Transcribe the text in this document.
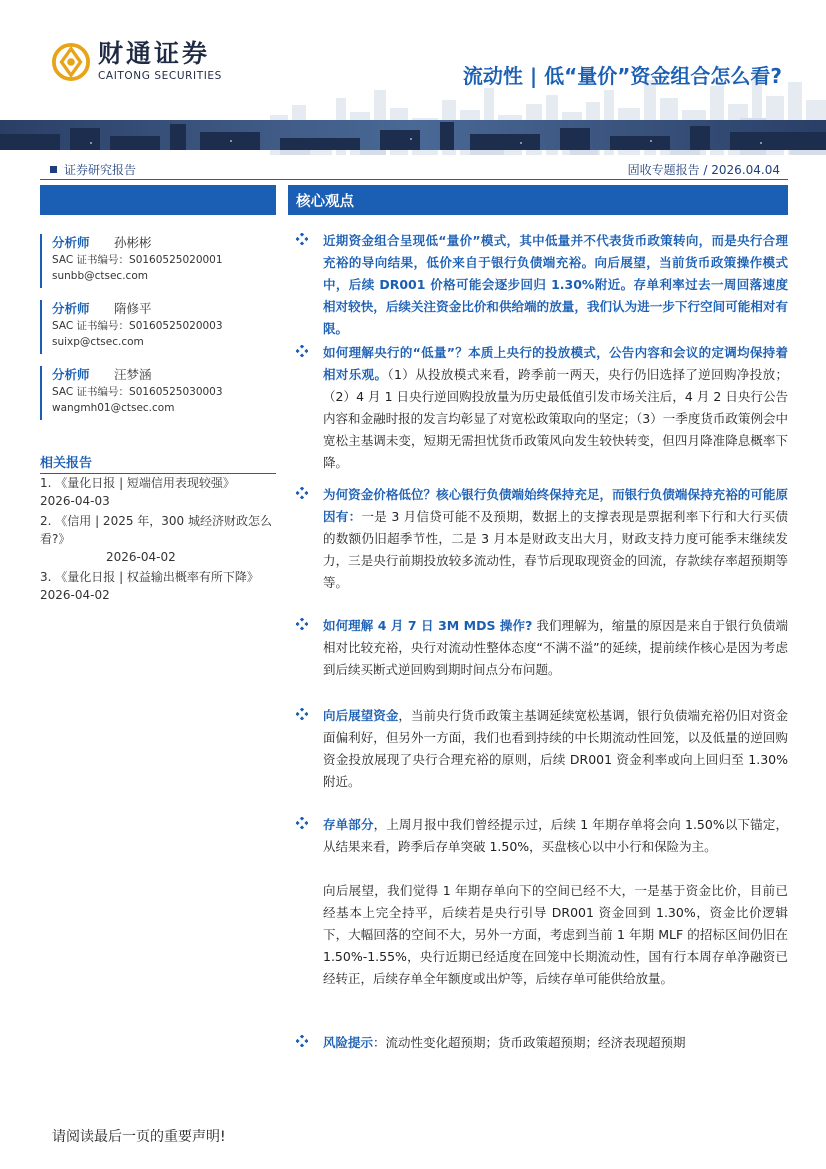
财通证券
CAITONG SECURITIES	流动性 | 低“量价”资金组合怎么看?
证券研究报告	固收专题报告 / 2026.04.04
分析师	孙彬彬
SAC 证书编号：S0160525020001
sunbb@ctsec.com
分析师	隋修平
SAC 证书编号：S0160525020003
suixp@ctsec.com
分析师	汪梦涵
SAC 证书编号：S0160525030003
wangmh01@ctsec.com
相关报告
1. 《量化日报 | 短端信用表现较强》
2026-04-03
2. 《信用 | 2025 年，300 城经济财政怎么看?》
2026-04-02
3. 《量化日报 | 权益输出概率有所下降》
2026-04-02
请阅读最后一页的重要声明!
核心观点
近期资金组合呈现低“量价”模式，其中低量并不代表货币政策转向，而是央行合理充裕的导向结果，低价来自于银行负债端充裕。向后展望，当前货币政策操作模式中，后续 DR001 价格可能会逐步回归 1.30%附近。存单利率过去一周回落速度相对较快，后续关注资金比价和供给端的放量，我们认为进一步下行空间可能相对有限。
如何理解央行的“低量”？本质上央行的投放模式，公告内容和会议的定调均保持着相对乐观。（1）从投放模式来看，跨季前一两天，央行仍旧选择了逆回购净投放；（2）4 月 1 日央行逆回购投放量为历史最低值引发市场关注后，4 月 2 日央行公告内容和金融时报的发言均彰显了对宽松政策取向的坚定；（3）一季度货币政策例会中宽松主基调未变，短期无需担忧货币政策风向发生较快转变，但四月降准降息概率下降。
为何资金价格低位？核心银行负债端始终保持充足，而银行负债端保持充裕的可能原因有：一是 3 月信贷可能不及预期，数据上的支撑表现是票据利率下行和大行买债的数额仍旧超季节性，二是 3 月本是财政支出大月，财政支持力度可能季末继续发力，三是央行前期投放较多流动性，春节后现取现资金的回流，存款续存率超预期等等。
如何理解 4 月 7 日 3M MDS 操作? 我们理解为，缩量的原因是来自于银行负债端相对比较充裕，央行对流动性整体态度“不满不溢”的延续，提前续作核心是因为考虑到后续买断式逆回购到期时间点分布问题。
向后展望资金，当前央行货币政策主基调延续宽松基调，银行负债端充裕仍旧对资金面偏利好，但另外一方面，我们也看到持续的中长期流动性回笼，以及低量的逆回购资金投放展现了央行合理充裕的原则，后续 DR001 资金利率或向上回归至 1.30%附近。
存单部分，上周月报中我们曾经提示过，后续 1 年期存单将会向 1.50%以下锚定，从结果来看，跨季后存单突破 1.50%，买盘核心以中小行和保险为主。
向后展望，我们觉得 1 年期存单向下的空间已经不大，一是基于资金比价，目前已经基本上完全持平，后续若是央行引导 DR001 资金回到 1.30%，资金比价逻辑下，大幅回落的空间不大，另外一方面，考虑到当前 1 年期 MLF 的招标区间仍旧在 1.50%-1.55%，央行近期已经适度在回笼中长期流动性，国有行本周存单净融资已经转正，后续存单全年额度或出炉等，后续存单可能供给放量。
风险提示：流动性变化超预期；货币政策超预期；经济表现超预期
